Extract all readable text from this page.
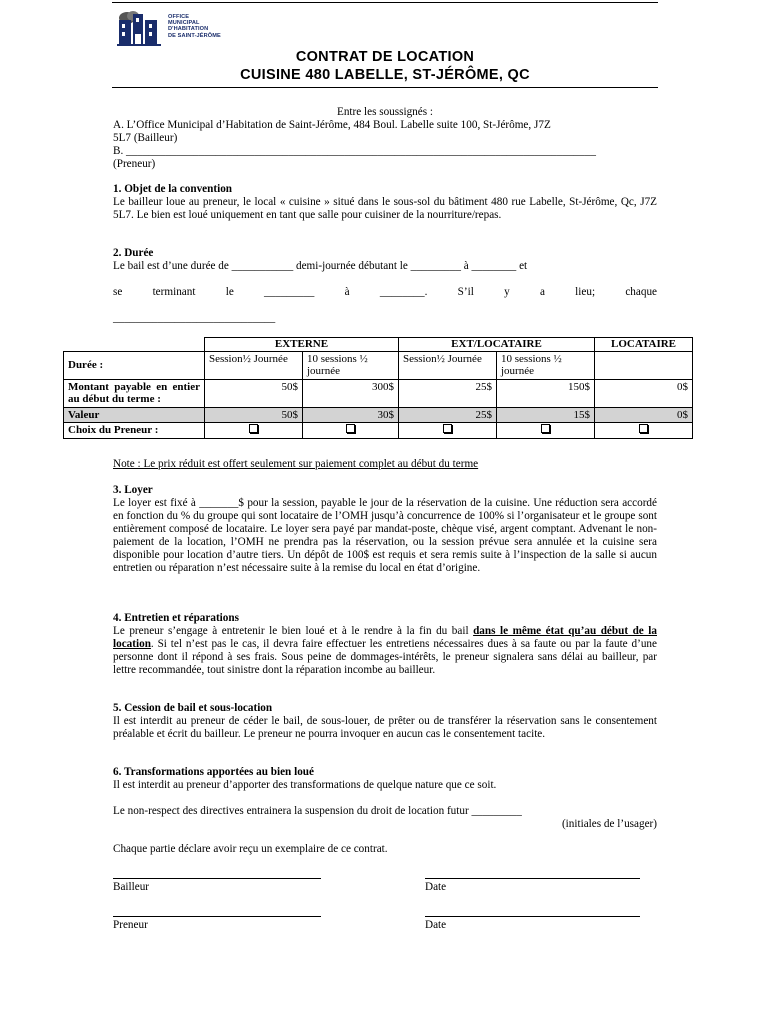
OFFICE
MUNICIPAL
D'HABITATION
DE SAINT-JÉRÔME
CONTRAT DE LOCATION
CUISINE 480 LABELLE, ST-JÉRÔME, QC
Entre les soussignés :
A. L’Office Municipal d’Habitation de Saint-Jérôme, 484 Boul. Labelle suite 100, St-Jérôme, J7Z
5L7 (Bailleur)
B. ____________________________________________________________________________________
(Preneur)
1. Objet de la convention
Le bailleur loue au preneur, le local « cuisine » situé dans le sous-sol du bâtiment 480 rue Labelle, St-Jérôme, Qc, J7Z 5L7. Le bien est loué uniquement en tant que salle pour cuisiner de la nourriture/repas.
2. Durée
Le bail est d’une durée de ___________ demi-journée débutant le _________ à ________ et
se terminant le _________ à ________. S’il y a lieu; chaque
_____________________________
	EXTERNE		EXT/LOCATAIRE		LOCATAIRE
Durée :	Session½ Journée	10 sessions ½ journée	Session½ Journée	10 sessions ½ journée	
Montant payable en entier au début du terme :	50$	300$	25$	150$	0$
Valeur	50$	30$	25$	15$	0$
Choix du Preneur :					
Note : Le prix réduit est offert seulement sur paiement complet au début du terme
3. Loyer
Le loyer est fixé à _______$ pour la session, payable le jour de la réservation de la cuisine. Une réduction sera accordé en fonction du % du groupe qui sont locataire de l’OMH jusqu’à concurrence de 100% si l’organisateur et le groupe sont entièrement composé de locataire. Le loyer sera payé par mandat-poste, chèque visé, argent comptant. Advenant le non-paiement de la location, l’OMH ne prendra pas la réservation, ou la session prévue sera annulée et la cuisine sera disponible pour location d’autre tiers. Un dépôt de 100$ est requis et sera remis suite à l’inspection de la salle si aucun entretien ou réparation n’est nécessaire suite à la remise du local en état d’origine.
4. Entretien et réparations
Le preneur s’engage à entretenir le bien loué et à le rendre à la fin du bail dans le même état qu’au début de la location. Si tel n’est pas le cas, il devra faire effectuer les entretiens nécessaires dues à sa faute ou par la faute d’une personne dont il répond à ses frais. Sous peine de dommages-intérêts, le preneur signalera sans délai au bailleur, par lettre recommandée, tout sinistre dont la réparation incombe au bailleur.
5. Cession de bail et sous-location
Il est interdit au preneur de céder le bail, de sous-louer, de prêter ou de transférer la réservation sans le consentement préalable et écrit du bailleur. Le preneur ne pourra invoquer en aucun cas le consentement tacite.
6. Transformations apportées au bien loué
Il est interdit au preneur d’apporter des transformations de quelque nature que ce soit.
Le non-respect des directives entrainera la suspension du droit de location futur _________
(initiales de l’usager)
Chaque partie déclare avoir reçu un exemplaire de ce contrat.
Bailleur	Date
Preneur	Date
